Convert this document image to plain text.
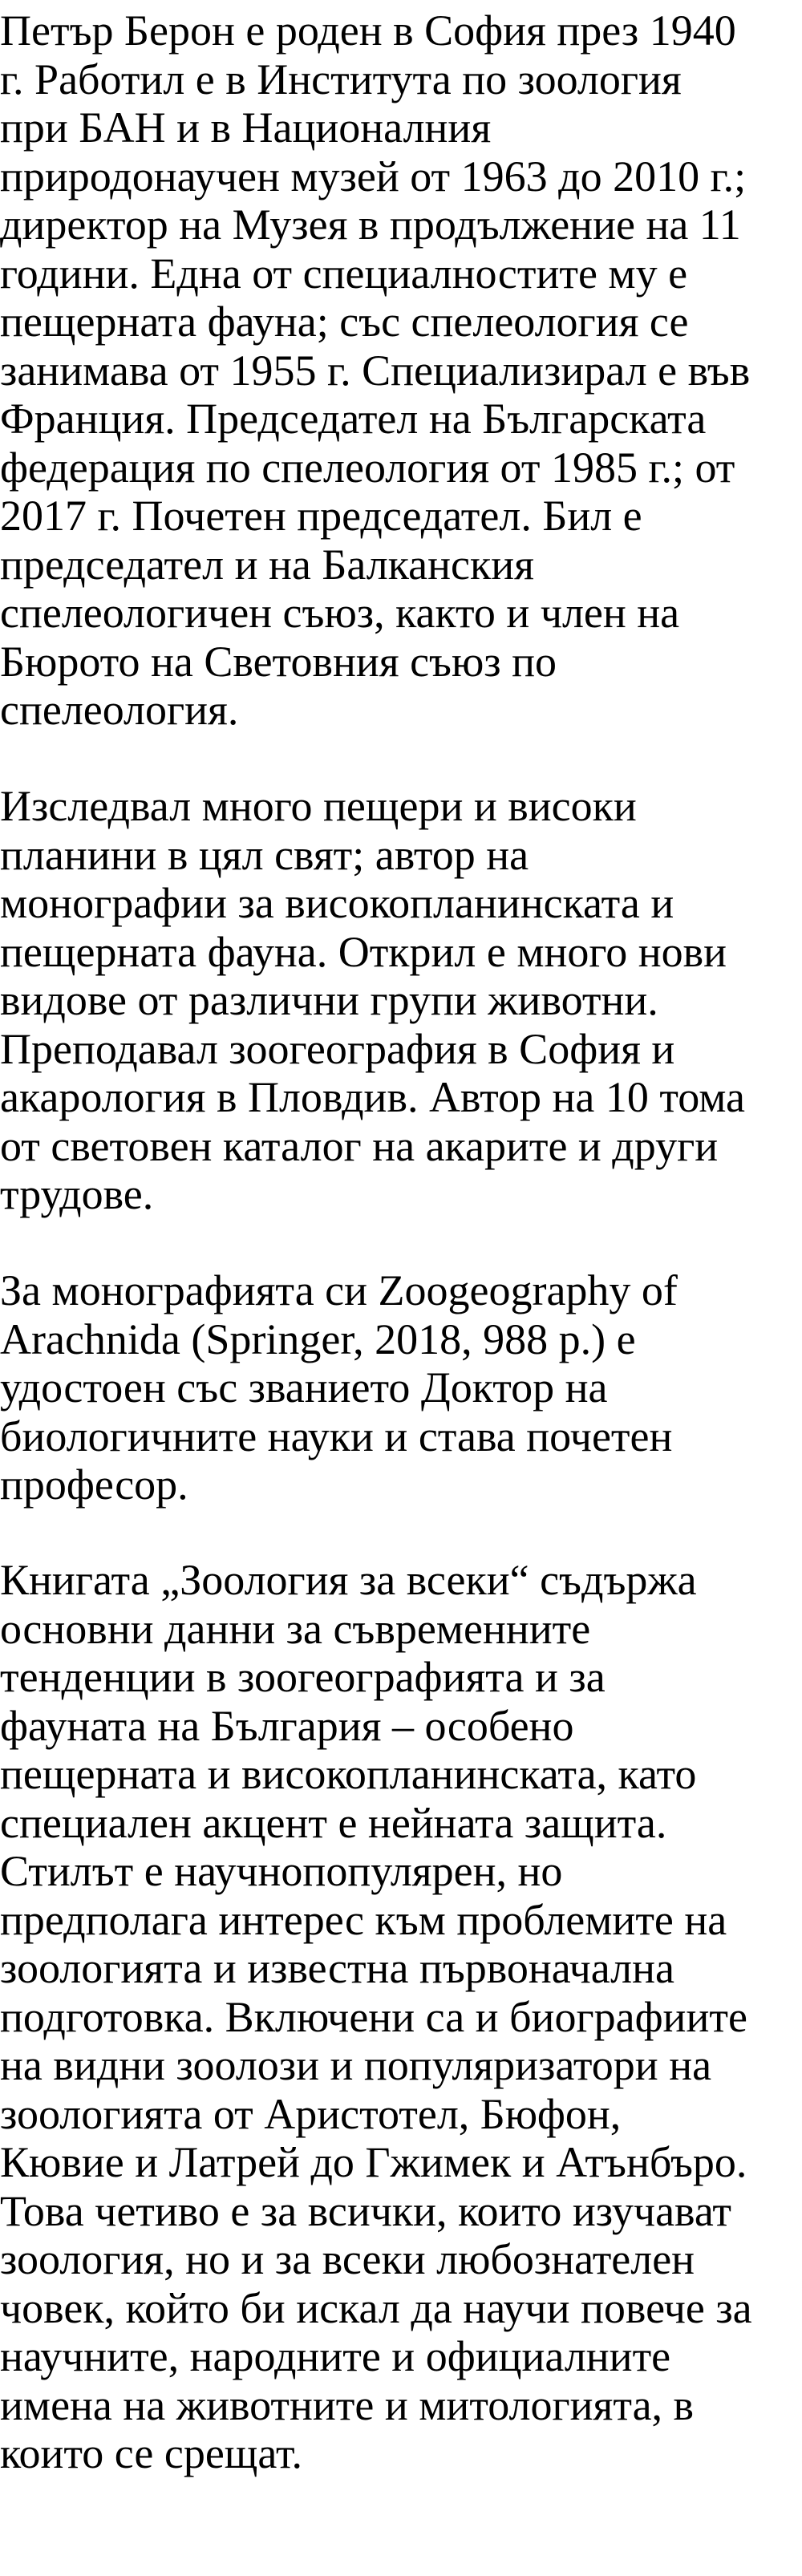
Петър Берон е роден в София през 1940
г. Работил е в Института по зоология
при БАН и в Националния
природонаучен музей от 1963 до 2010 г.;
директор на Музея в продължение на 11
години. Една от специалностите му е
пещерната фауна; със спелеология се
занимава от 1955 г. Специализирал е във
Франция. Председател на Българската
федерация по спелеология от 1985 г.; от
2017 г. Почетен председател. Бил е
председател и на Балканския
спелеологичен съюз, както и член на
Бюрото на Световния съюз по
спелеология.

Изследвал много пещери и високи
планини в цял свят; автор на
монографии за високопланинската и
пещерната фауна. Открил е много нови
видове от различни групи животни.
Преподавал зоогеография в София и
акарология в Пловдив. Автор на 10 тома
от световен каталог на акарите и други
трудове.

За монографията си Zoogeography of
Arachnida (Springer, 2018, 988 p.) е
удостоен със званието Доктор на
биологичните науки и става почетен
професор.

Книгата „Зоология за всеки“ съдържа
основни данни за съвременните
тенденции в зоогеографията и за
фауната на България – особено
пещерната и високопланинската, като
специален акцент е нейната защита.
Стилът е научнопопулярен, но
предполага интерес към проблемите на
зоологията и известна първоначална
подготовка. Включени са и биографиите
на видни зоолози и популяризатори на
зоологията от Аристотел, Бюфон,
Кювие и Латрей до Гжимек и Атънбъро.
Това четиво е за всички, които изучават
зоология, но и за всеки любознателен
човек, който би искал да научи повече за
научните, народните и официалните
имена на животните и митологията, в
които се срещат.
